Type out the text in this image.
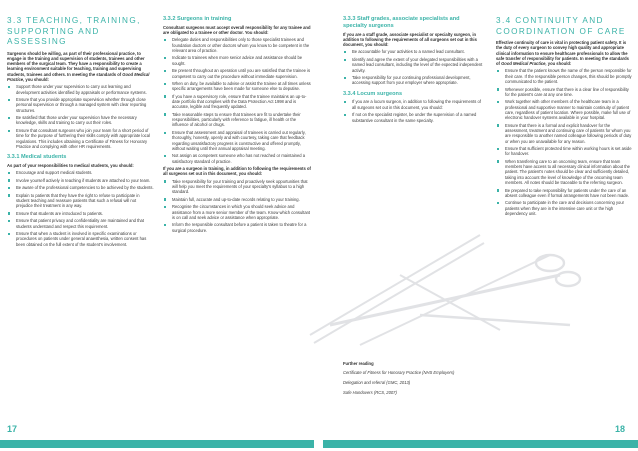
3.3 TEACHING, TRAINING, SUPPORTING AND ASSESSING

Surgeons should be willing, as part of their professional practice, to engage in the training and supervision of students, trainees and other members of the surgical team. They have a responsibility to create a learning environment suitable for teaching, training and supervising students, trainees and others. In meeting the standards of Good Medical Practice, you should:

Support those under your supervision to carry out learning and development activities identified by appraisals or performance systems.
Ensure that you provide appropriate supervision whether through close personal supervision or through a managed system with clear reporting structures.
Be satisfied that those under your supervision have the necessary knowledge, skills and training to carry out their roles.
Ensure that consultant surgeons who join your team for a short period of time for the purpose of furthering their skills comply with appropriate local regulations. This includes obtaining a Certificate of Fitness for Honorary Practice and complying with other HR requirements.
3.3.1 Medical students

As part of your responsibilities to medical students, you should:

Encourage and support medical students.
Involve yourself actively in teaching if students are attached to your team.
Be aware of the professional competencies to be achieved by the students.
Explain to patients that they have the right to refuse to participate in student teaching and reassure patients that such a refusal will not prejudice their treatment in any way.
Ensure that students are introduced to patients.
Ensure that patient privacy and confidentiality are maintained and that students understand and respect this requirement.
Ensure that when a student is involved in specific examinations or procedures on patients under general anaesthesia, written consent has been obtained on the full extent of the student's involvement.
3.3.2 Surgeons in training

Consultant surgeons must accept overall responsibility for any trainee and are obligated to a trainee or other doctor. You should:

Delegate duties and responsibilities only to those specialist trainees and foundation doctors or other doctors whom you know to be competent in the relevant area of practice.
Indicate to trainees when more senior advice and assistance should be sought.
Be present throughout an operation until you are satisfied that the trainee is competent to carry out the procedure without immediate supervision.
When on duty, be available to advise or assist the trainee at all times unless specific arrangements have been made for someone else to deputise.
If you have a supervisory role, ensure that the trainee maintains an up-to-date portfolio that complies with the Data Protection Act 1998 and is accurate, legible and frequently updated.
Take reasonable steps to ensure that trainees are fit to undertake their responsibilities, particularly with reference to fatigue, ill health or the influence of alcohol or drugs.
Ensure that assessment and appraisal of trainees is carried out regularly, thoroughly, honestly, openly and with courtesy, taking care that feedback regarding unsatisfactory progress is constructive and offered promptly, without waiting until their annual appraisal meeting.
Not assign as competent someone who has not reached or maintained a satisfactory standard of practice.

If you are a surgeon in training, in addition to following the requirements of all surgeons set out in this document, you should:

Take responsibility for your training and proactively seek opportunities that will help you meet the requirements of your specialty's syllabus to a high standard.
Maintain full, accurate and up-to-date records relating to your training.
Recognise the circumstances in which you should seek advice and assistance from a more senior member of the team. Know which consultant is on call and seek advice or assistance when appropriate.
Inform the responsible consultant before a patient is taken to theatre for a surgical procedure.
3.3.3 Staff grades, associate specialists and specialty surgeons

If you are a staff grade, associate specialist or specialty surgeon, in addition to following the requirements of all surgeons set out in this document, you should:

Be accountable for your activities to a named lead consultant.
Identify and agree the extent of your delegated responsibilities with a named lead consultant, including the level of the expected independent activity.
Take responsibility for your continuing professional development, accessing support from your employer where appropriate.
3.3.4 Locum surgeons
If you are a locum surgeon, in addition to following the requirements of all surgeons set out in this document, you should:
If not on the specialist register, be under the supervision of a named substantive consultant in the same specialty.
3.4 CONTINUITY AND COORDINATION OF CARE

Effective continuity of care is vital in protecting patient safety. It is the duty of every surgeon to convey high quality and appropriate clinical information to ensure healthcare professionals to allow the safe transfer of responsibility for patients. In meeting the standards of Good Medical Practice, you should:

Ensure that the patient knows the name of the person responsible for their care. If the responsible person changes, this should be promptly communicated to the patient.
Whenever possible, ensure that there is a clear line of responsibility for the patient's care at any one time.
Work together with other members of the healthcare team in a professional and supportive manner to maintain continuity of patient care, regardless of patient location. Where possible, make full use of electronic handover systems available in your hospital.
Ensure that there is a formal and explicit handover for the assessment, treatment and continuing care of patients for whom you are responsible to another named colleague following periods of duty or when you are unavailable for any reason.
Ensure that sufficient protected time within working hours is set aside for handover.
When transferring care to an oncoming team, ensure that team members have access to all necessary clinical information about the patient. The patient's notes should be clear and sufficiently detailed, taking into account the level of knowledge of the oncoming team members. All notes should be traceable to the referring surgeon.
Be prepared to take responsibility for patients under the care of an absent colleague even if formal arrangements have not been made.
Continue to participate in the care and decisions concerning your patients when they are in the intensive care unit or the high dependency unit.

Further reading

Certificate of Fitness for Honorary Practice (NHS Employers)

Delegation and referral (GMC, 2013)

Safe Handovers (RCS, 2007)

17	18
